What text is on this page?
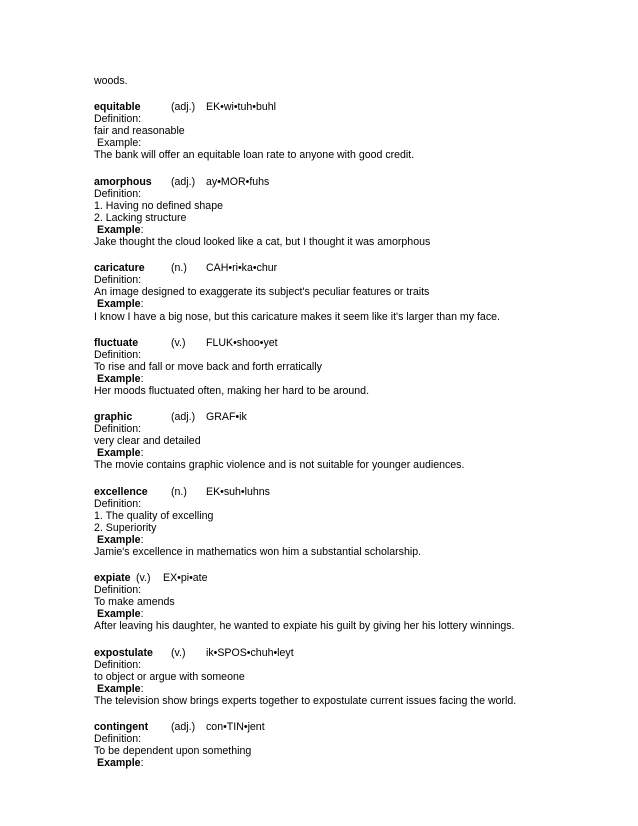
woods.
equitable	(adj.) EK•wi•tuh•buhl
Definition:
fair and reasonable
Example:
The bank will offer an equitable loan rate to anyone with good credit.
amorphous (adj.) ay•MOR•fuhs
Definition:
1. Having no defined shape
2. Lacking structure
Example:
Jake thought the cloud looked like a cat, but I thought it was amorphous
caricature (n.) CAH•ri•ka•chur
Definition:
An image designed to exaggerate its subject's peculiar features or traits
Example:
I know I have a big nose, but this caricature makes it seem like it's larger than my face.
fluctuate	(v.) FLUK•shoo•yet
Definition:
To rise and fall or move back and forth erratically
Example:
Her moods fluctuated often, making her hard to be around.
graphic	(adj.) GRAF•ik
Definition:
very clear and detailed
Example:
The movie contains graphic violence and is not suitable for younger audiences.
excellence (n.) EK•suh•luhns
Definition:
1. The quality of excelling
2. Superiority
Example:
Jamie's excellence in mathematics won him a substantial scholarship.
expiate (v.) EX•pi•ate
Definition:
To make amends
Example:
After leaving his daughter, he wanted to expiate his guilt by giving her his lottery winnings.
expostulate (v.) ik•SPOS•chuh•leyt
Definition:
to object or argue with someone
Example:
The television show brings experts together to expostulate current issues facing the world.
contingent (adj.) con•TIN•jent
Definition:
To be dependent upon something
Example:
